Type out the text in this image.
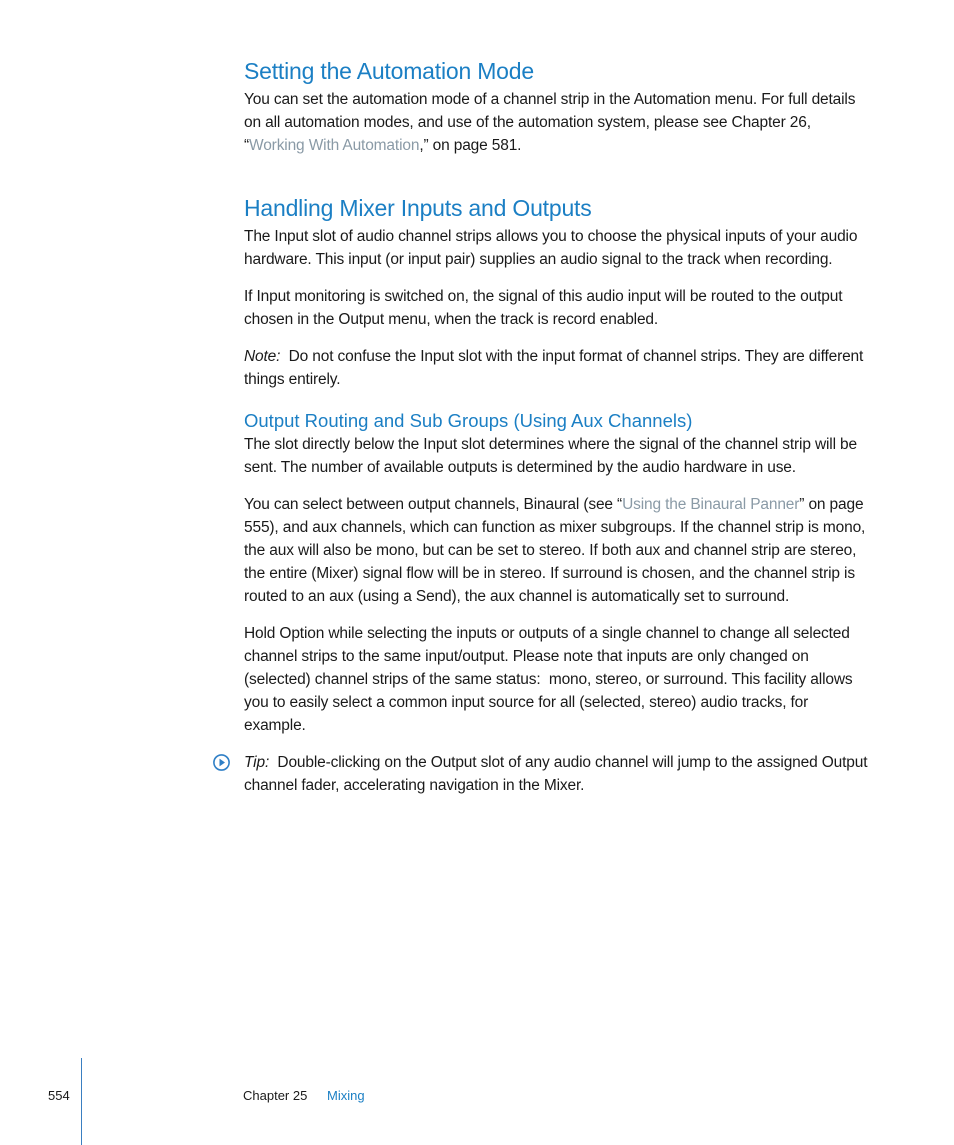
Setting the Automation Mode

You can set the automation mode of a channel strip in the Automation menu. For full details on all automation modes, and use of the automation system, please see Chapter 26, “Working With Automation,” on page 581.

Handling Mixer Inputs and Outputs

The Input slot of audio channel strips allows you to choose the physical inputs of your audio hardware. This input (or input pair) supplies an audio signal to the track when recording.

If Input monitoring is switched on, the signal of this audio input will be routed to the output chosen in the Output menu, when the track is record enabled.

Note:  Do not confuse the Input slot with the input format of channel strips. They are different things entirely.

Output Routing and Sub Groups (Using Aux Channels)

The slot directly below the Input slot determines where the signal of the channel strip will be sent. The number of available outputs is determined by the audio hardware in use.

You can select between output channels, Binaural (see “Using the Binaural Panner” on page 555), and aux channels, which can function as mixer subgroups. If the channel strip is mono, the aux will also be mono, but can be set to stereo. If both aux and channel strip are stereo, the entire (Mixer) signal flow will be in stereo. If surround is chosen, and the channel strip is routed to an aux (using a Send), the aux channel is automatically set to surround.

Hold Option while selecting the inputs or outputs of a single channel to change all selected channel strips to the same input/output. Please note that inputs are only changed on (selected) channel strips of the same status:  mono, stereo, or surround. This facility allows you to easily select a common input source for all (selected, stereo) audio tracks, for example.

Tip:  Double-clicking on the Output slot of any audio channel will jump to the assigned Output channel fader, accelerating navigation in the Mixer.

554	Chapter 25 Mixing
